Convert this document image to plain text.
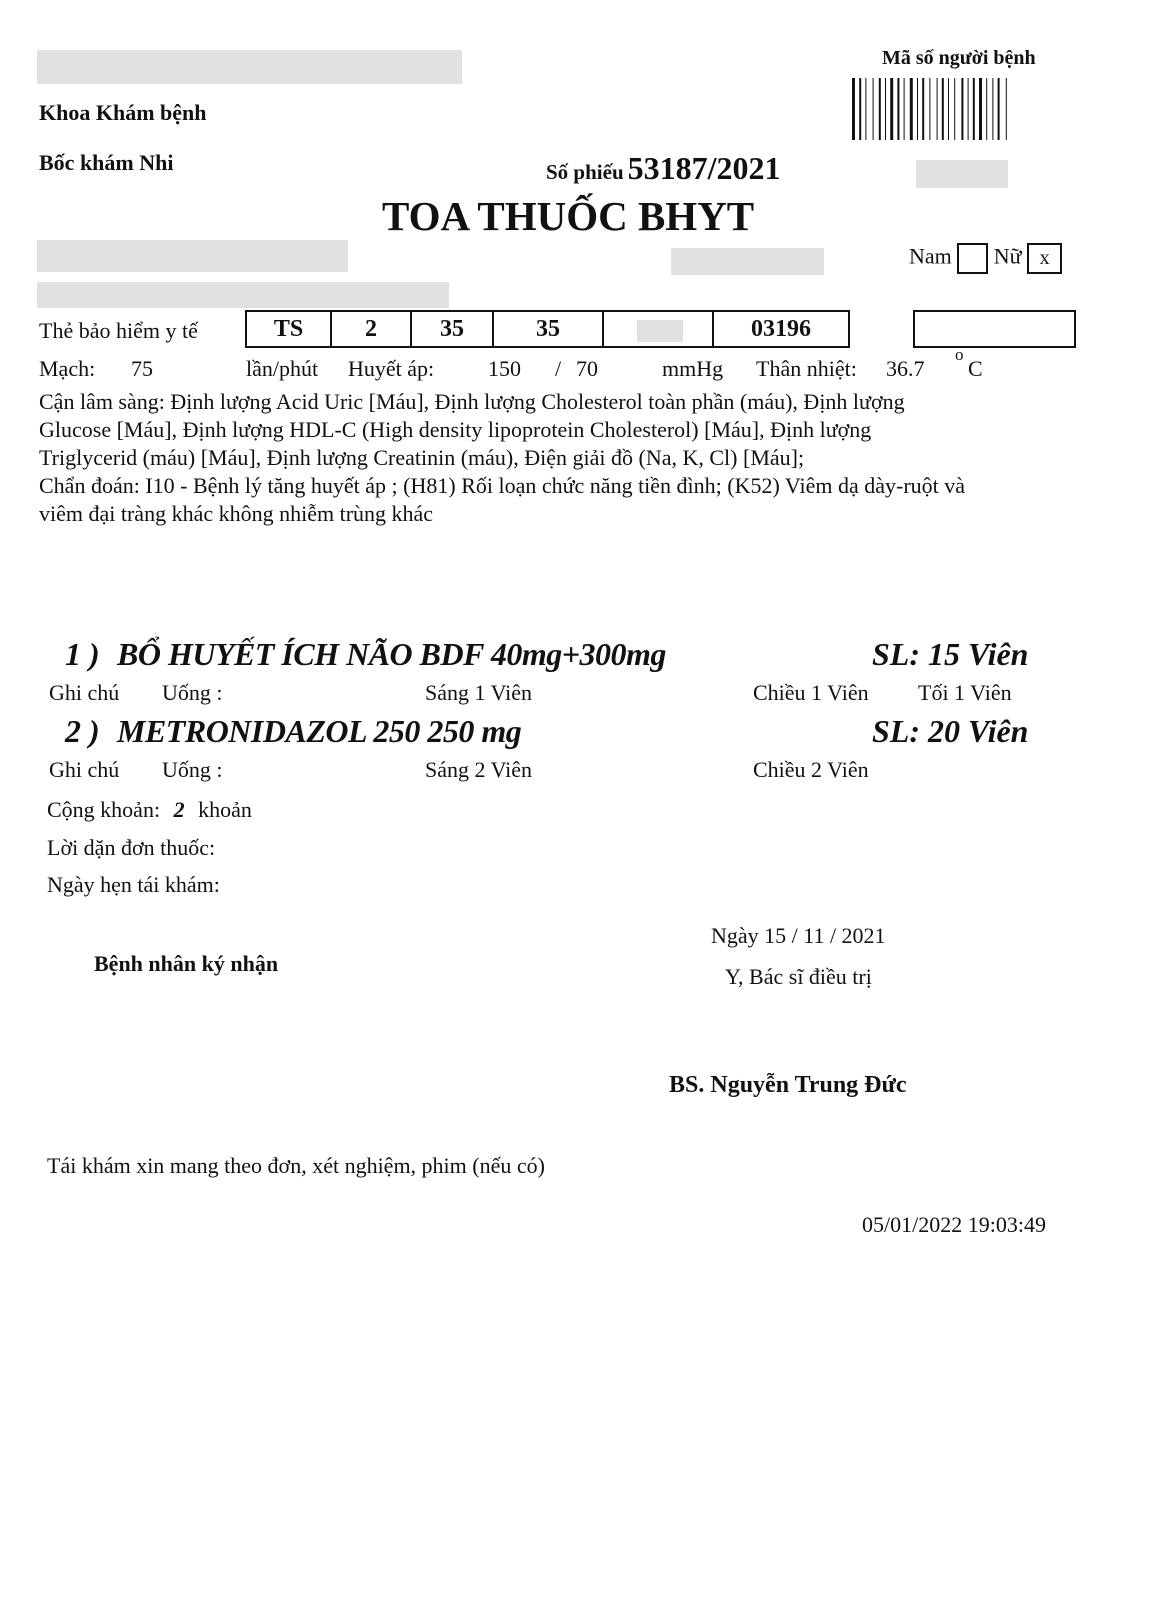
Khoa Khám bệnh
Bốc khám Nhi
Mã số người bệnh
Số phiếu 53187/2021
TOA THUỐC BHYT
Nam Nữ x
Thẻ bảo hiểm y tế	TS	2	35	35	03196
Mạch: 75	lần/phút Huyết áp: 150 / 70	mmHg Thân nhiệt: 36.7
o
C
Cận lâm sàng: Định lượng Acid Uric [Máu], Định lượng Cholesterol toàn phần (máu), Định lượng
Glucose [Máu], Định lượng HDL-C (High density lipoprotein Cholesterol) [Máu], Định lượng
Triglycerid (máu) [Máu], Định lượng Creatinin (máu), Điện giải đồ (Na, K, Cl) [Máu];
Chẩn đoán: I10 - Bệnh lý tăng huyết áp ; (H81) Rối loạn chức năng tiền đình; (K52) Viêm dạ dày-ruột và
viêm đại tràng khác không nhiễm trùng khác
1 ) BỔ HUYẾT ÍCH NÃO BDF 40mg+300mg	SL: 15 Viên
Ghi chú Uống :	Sáng 1 Viên	Chiều 1 Viên Tối 1 Viên
2 ) METRONIDAZOL 250 250 mg	SL: 20 Viên
Ghi chú Uống :	Sáng 2 Viên	Chiều 2 Viên
Cộng khoản: 2 khoản
Lời dặn đơn thuốc:
Ngày hẹn tái khám:
Bệnh nhân ký nhận
Ngày 15 / 11 / 2021
Y, Bác sĩ điều trị
BS. Nguyễn Trung Đức
Tái khám xin mang theo đơn, xét nghiệm, phim (nếu có)
05/01/2022 19:03:49
